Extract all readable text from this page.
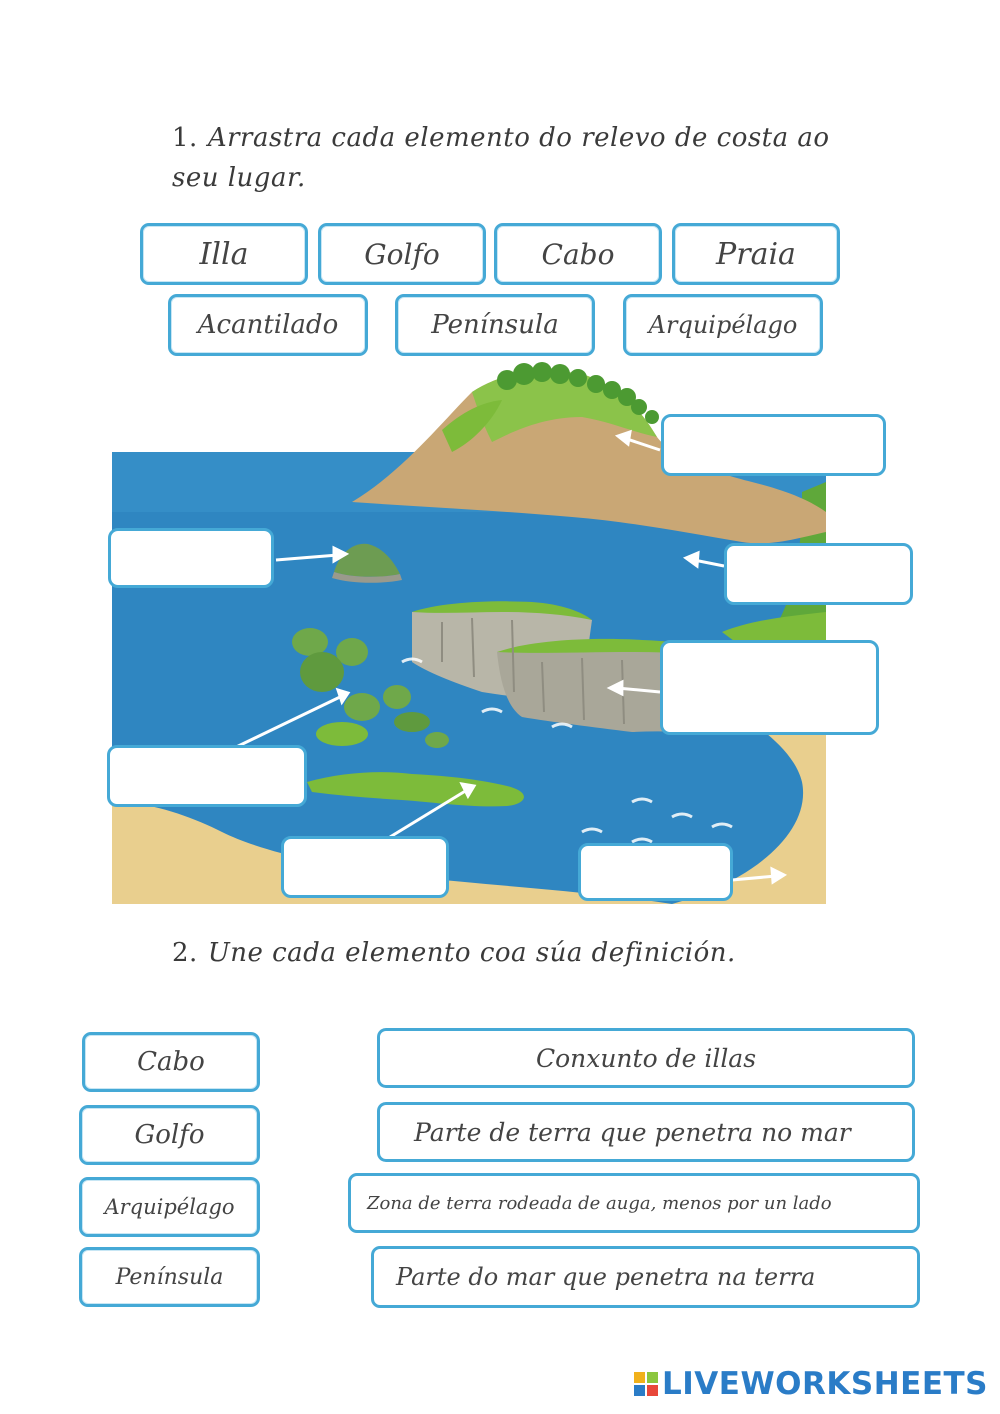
1. Arrastra cada elemento do relevo de costa ao seu lugar.
Illa	Golfo	Cabo	Praia
Acantilado	Península	Arquipélago
2. Une cada elemento coa súa definición.
Cabo
Golfo
Arquipélago
Península
Conxunto de illas
Parte de terra que penetra no mar
Zona de terra rodeada de auga, menos por un lado
Parte do mar que penetra na terra
LIVEWORKSHEETS
